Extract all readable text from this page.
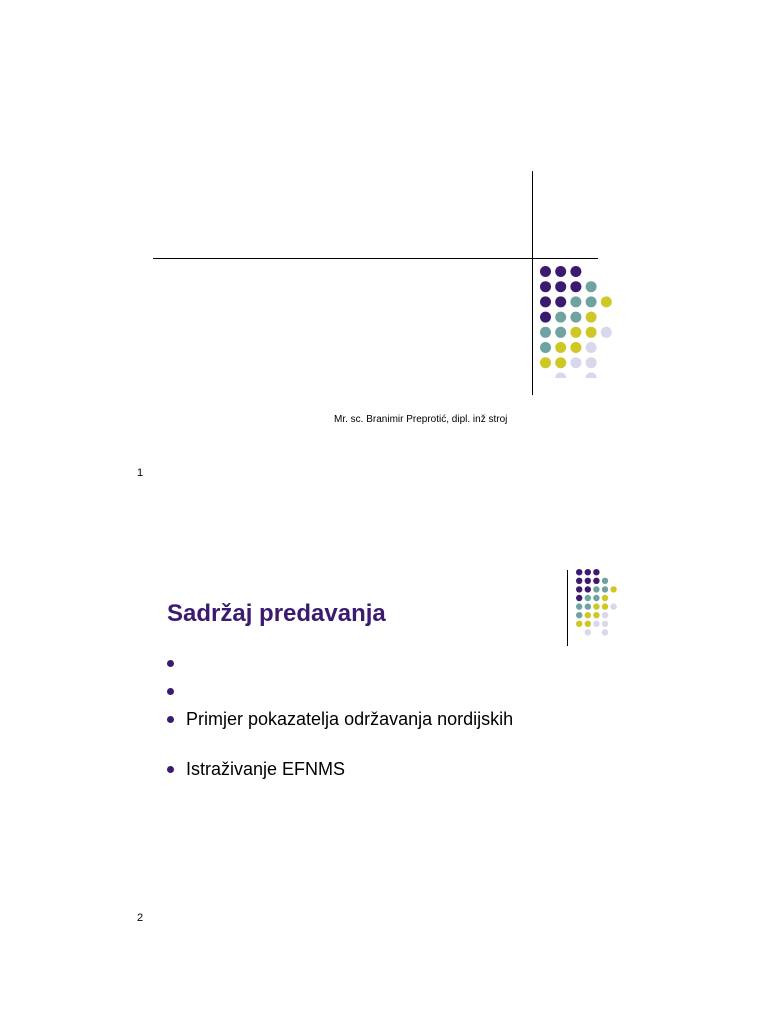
Mr. sc. Branimir Preprotić, dipl. inž stroj
1
Sadržaj predavanja
Primjer pokazatelja održavanja nordijskih
Istraživanje EFNMS
2
